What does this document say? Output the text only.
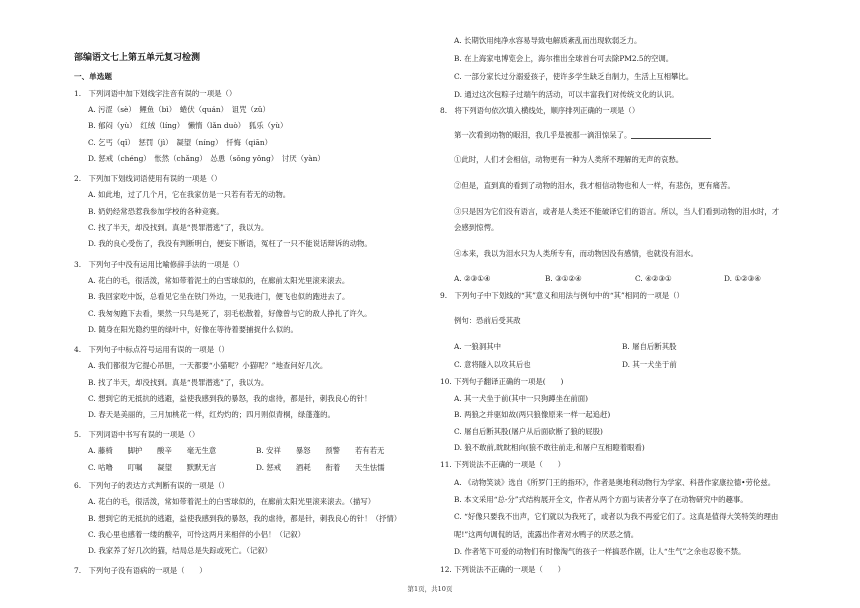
部编语文七上第五单元复习检测
一、单选题
1.　下列词语中加下划线字注音有误的一项是（）
A. 污涩（sè）　鲤鱼（bì）　蜷伏（quán）　诅咒（zǔ）
B. 郁闷（yù）　红绒（líng）　懒惰（lǎn duò）　狐乐（yù）
C. 乞丐（qǐ）　惩罚（jì）　凝望（níng）　忏悔（qiān）
D. 惩戒（chéng）　怅然（chǎng）　怂恿（sǒng yǒng）　讨厌（yàn）
2.　下列加下划线词语使用有误的一项是（）
A. 如此地，过了几个月，它在我家仿是一只若有若无的动物。
B. 奶奶经常恐惹我参加学校的各种竞赛。
C. 找了半天，却没找到。真是“畏罪潜逃”了，我以为。
D. 我的良心受伤了，我没有判断明白，便妄下断语，冤枉了一只不能说话辩诉的动物。
3.　下列句子中没有运用比喻修辞手法的一项是（）
A. 花白的毛，很活泼，常如带着泥土的白雪球似的，在廊前太阳光里滚来滚去。
B. 我回家吃中饭，总看见它坐在铁门外边，一见我进门，便飞也似的跑进去了。
C. 我匆匆跑下去看，果然一只鸟是死了，羽毛松散着，好像曾与它的敌人挣扎了许久。
D. 随身在阳光隐约里的绿叶中，好像在等待着要捕捉什么似的。
4.　下列句子中标点符号运用有误的一项是（）
A. 我们都很为它提心吊胆，一天都要“小猫呢？小猫呢？”地查问好几次。
B. 找了半天，却没找到。真是“畏罪潜逃”了，我以为。
C. 想到它的无抵抗的逃避，益使我感到我的暴怒，我的虐待，都是针，刺我良心的针！
D. 春天是美丽的，三月加桃花一样，红灼灼的；四月则似青桐，绿蓬蓬的。
5.　下列词语中书写有误的一项是（）
A. 藤椅　　脚护　　酸辛　　毫无生意	B. 安祥　　暴怒　　预警　　若有若无
C. 咕噜　　叮嘱　　凝望　　默默无言	D. 惩戒　　酒耗　　衔着　　天生怯懦
6.　下列句子的表达方式判断有误的一项是（）
A. 花白的毛，很活泼，常如带着泥土的白雪球似的，在廊前太阳光里滚来滚去。（描写）
B. 想到它的无抵抗的逃避，益使我感到我的暴怒，我的虐待，都是针，刺我良心的针！（抒情）
C. 我心里也感着一缕的酸辛，可怜这两月来相伴的小侣！（记叙）
D. 我家养了好几次的猫，结局总是失踪或死亡。（记叙）
7.　下列句子没有语病的一项是（　　）
A. 长期饮用纯净水容易导致电解质紊乱而出现软弱乏力。
B. 在上海家电博览会上，海尔推出全球首台可去除PM2.5的空调。
C. 一部分家长过分溺爱孩子，使许多学生缺乏自制力，生活上互相攀比。
D. 通过这次包粽子过端午的活动，可以丰富我们对传统文化的认识。
8.　将下列语句依次填入横线处，顺序排列正确的一项是（）
第一次看到动物的眼泪，我几乎是被那一滴泪惊呆了。
①此时，人们才会相信，动物更有一种为人类所不理解的无声的哀愁。
②但是，直到真的看到了动物的泪水，我才相信动物也和人一样，有悲伤，更有痛苦。
③只是因为它们没有语言，或者是人类还不能破译它们的语言。所以，当人们看到动物的泪水时，才
会感到惊愕。
④本来，我以为泪水只为人类所专有，而动物因没有感情，也就没有泪水。
A. ②③①④	B. ③①②④	C. ④②③①	D. ①②③④
9.　下列句子中下划线的“其”意义和用法与例句中的“其”相同的一项是（）
例句：恐前后受其敌
A. 一狼洞其中	B. 屠自后断其股
C. 意将隧入以攻其后也	D. 其一犬坐于前
10. 下列句子翻译正确的一项是(　　)
A. 其一犬坐于前(其中一只狗蹲坐在前面)
B. 两狼之并驱如故(两只狼像原来一样一起追赶)
C. 屠自后断其股(屠户从后面砍断了狼的屁股)
D. 狼不敢前,眈眈相向(狼不敢往前走,和屠户互相瞪着眼看)
11. 下列说法不正确的一项是（　　）
A. 《动物笑谈》选自《所罗门王的指环》，作者是奥地利动物行为学家、科普作家康拉德•劳伦兹。
B. 本文采用“总-分”式结构展开全文，作者从两个方面与读者分享了在动物研究中的趣事。
C. “好像只要我不出声，它们就以为我死了，或者以为我不再爱它们了。这真是值得大笑特笑的理由
呢!”这两句调侃的话，流露出作者对水鸭子的厌恶之情。
D. 作者笔下可爱的动物们有时像淘气的孩子一样搞恶作剧，让人“生气”之余也忍俊不禁。
12. 下列说法不正确的一项是（　　）
第1页，共10页
